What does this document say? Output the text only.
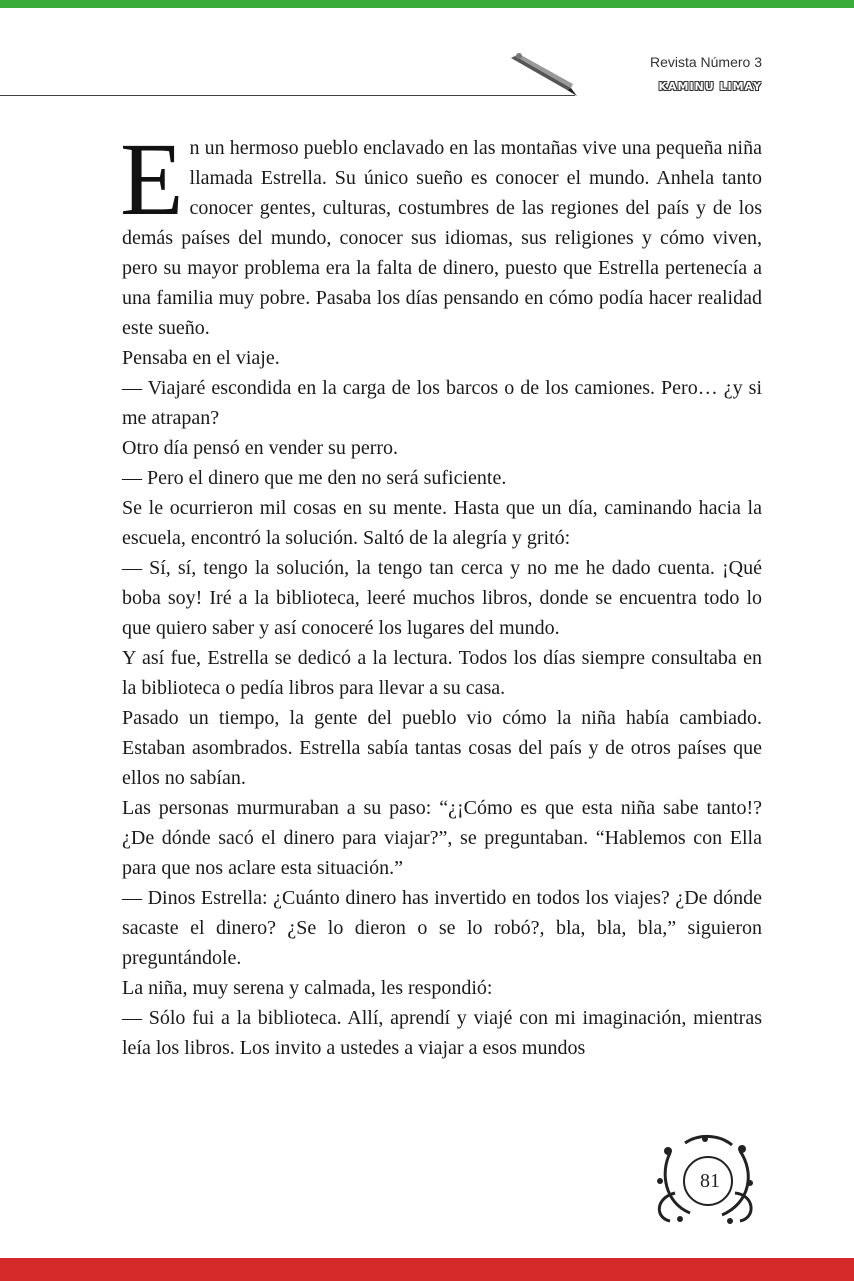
Revista Número 3
KAMINU LIMAY

En un hermoso pueblo enclavado en las montañas vive una pequeña niña llamada Estrella. Su único sueño es conocer el mundo. Anhela tanto conocer gentes, culturas, costumbres de las regiones del país y de los demás países del mundo, conocer sus idiomas, sus religiones y cómo viven, pero su mayor problema era la falta de dinero, puesto que Estrella pertenecía a una familia muy pobre. Pasaba los días pensando en cómo podía hacer realidad este sueño.

Pensaba en el viaje.

— Viajaré escondida en la carga de los barcos o de los camiones. Pero… ¿y si me atrapan?

Otro día pensó en vender su perro.

— Pero el dinero que me den no será suficiente.

Se le ocurrieron mil cosas en su mente. Hasta que un día, caminando hacia la escuela, encontró la solución. Saltó de la alegría y gritó:

— Sí, sí, tengo la solución, la tengo tan cerca y no me he dado cuenta. ¡Qué boba soy! Iré a la biblioteca, leeré muchos libros, donde se encuentra todo lo que quiero saber y así conoceré los lugares del mundo.

Y así fue, Estrella se dedicó a la lectura. Todos los días siempre consultaba en la biblioteca o pedía libros para llevar a su casa.

Pasado un tiempo, la gente del pueblo vio cómo la niña había cambiado. Estaban asombrados. Estrella sabía tantas cosas del país y de otros países que ellos no sabían.

Las personas murmuraban a su paso: “¿¡Cómo es que esta niña sabe tanto!? ¿De dónde sacó el dinero para viajar?”, se preguntaban. “Hablemos con Ella para que nos aclare esta situación.”

— Dinos Estrella: ¿Cuánto dinero has invertido en todos los viajes? ¿De dónde sacaste el dinero? ¿Se lo dieron o se lo robó?, bla, bla, bla,” siguieron preguntándole.

La niña, muy serena y calmada, les respondió:

— Sólo fui a la biblioteca. Allí, aprendí y viajé con mi imaginación, mientras leía los libros. Los invito a ustedes a viajar a esos mundos

81
